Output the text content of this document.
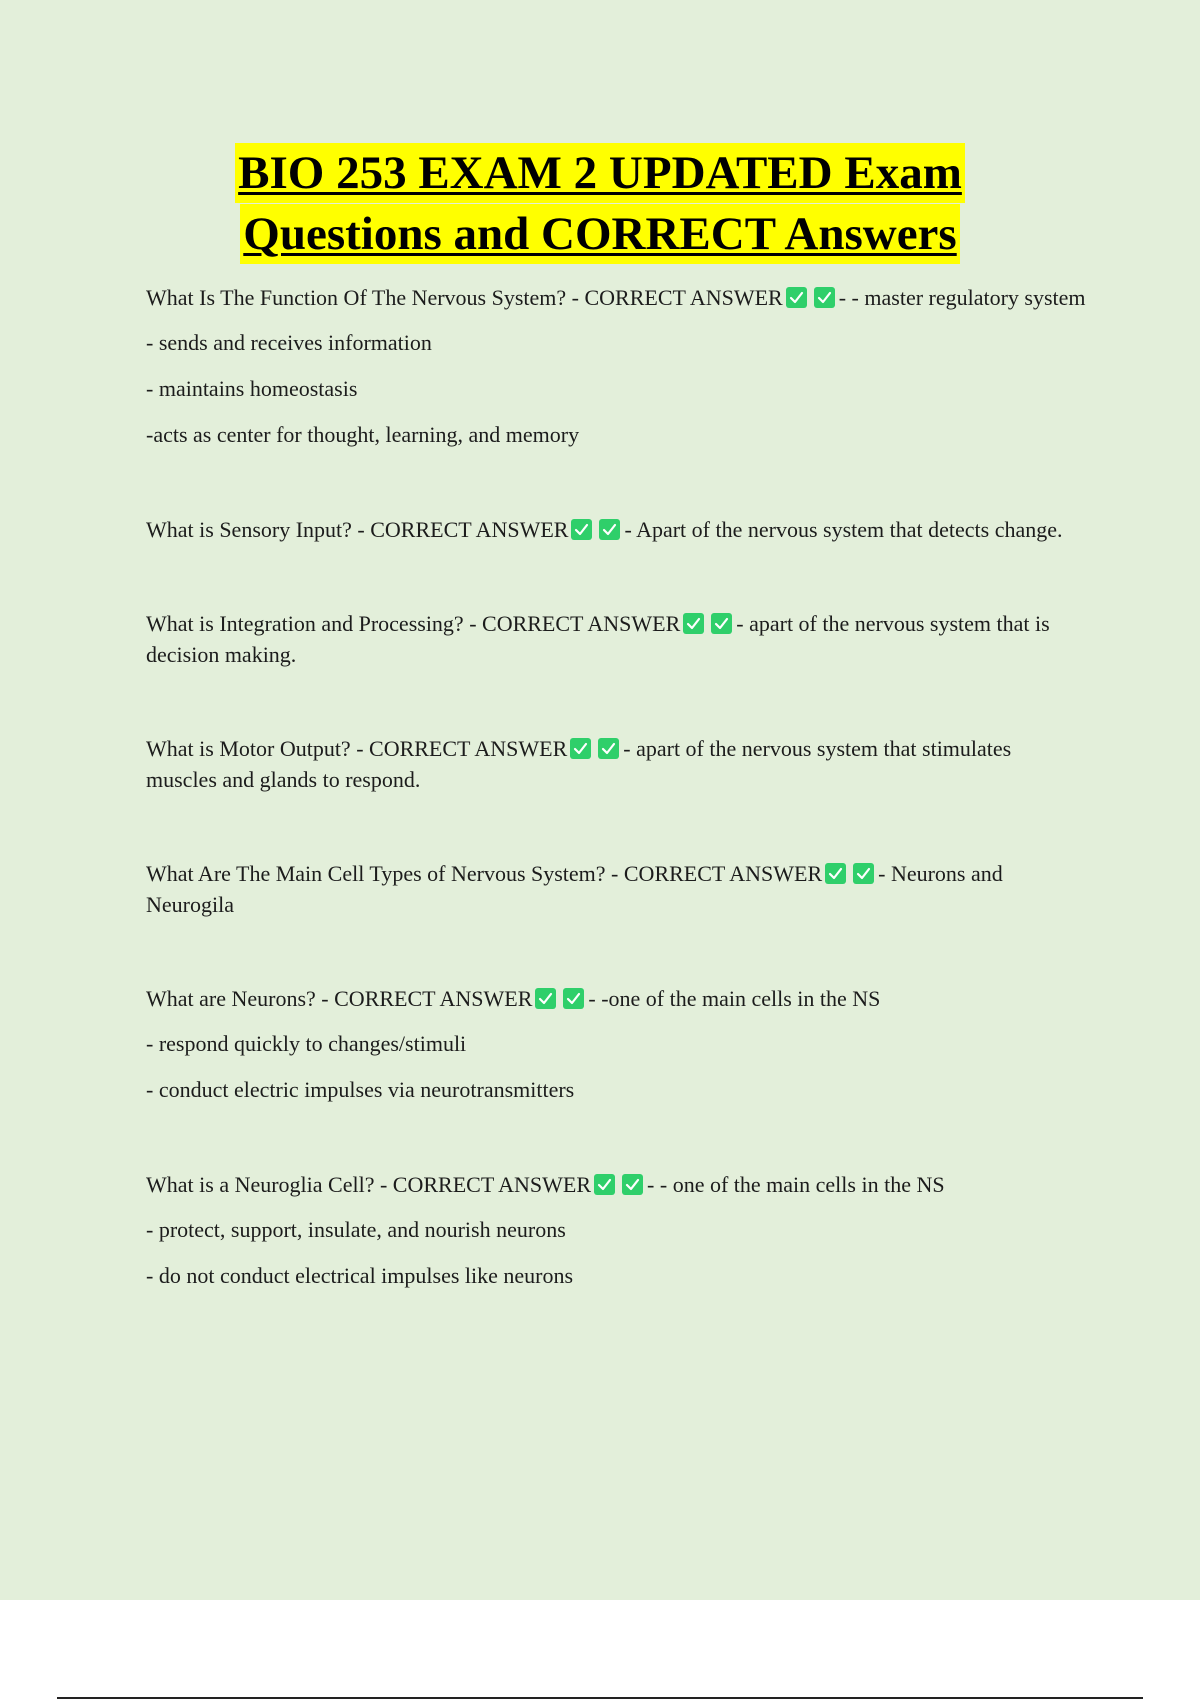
BIO 253 EXAM 2 UPDATED Exam
Questions and CORRECT Answers

What Is The Function Of The Nervous System? - CORRECT ANSWER	- - master regulatory system

- sends and receives information

- maintains homeostasis

-acts as center for thought, learning, and memory

What is Sensory Input? - CORRECT ANSWER	- Apart of the nervous system that detects change.

What is Integration and Processing? - CORRECT ANSWER	- apart of the nervous system that is decision making.

What is Motor Output? - CORRECT ANSWER	- apart of the nervous system that stimulates muscles and glands to respond.

What Are The Main Cell Types of Nervous System? - CORRECT ANSWER	- Neurons and Neurogila

What are Neurons? - CORRECT ANSWER	- -one of the main cells in the NS

- respond quickly to changes/stimuli

- conduct electric impulses via neurotransmitters

What is a Neuroglia Cell? - CORRECT ANSWER	- - one of the main cells in the NS

- protect, support, insulate, and nourish neurons

- do not conduct electrical impulses like neurons
